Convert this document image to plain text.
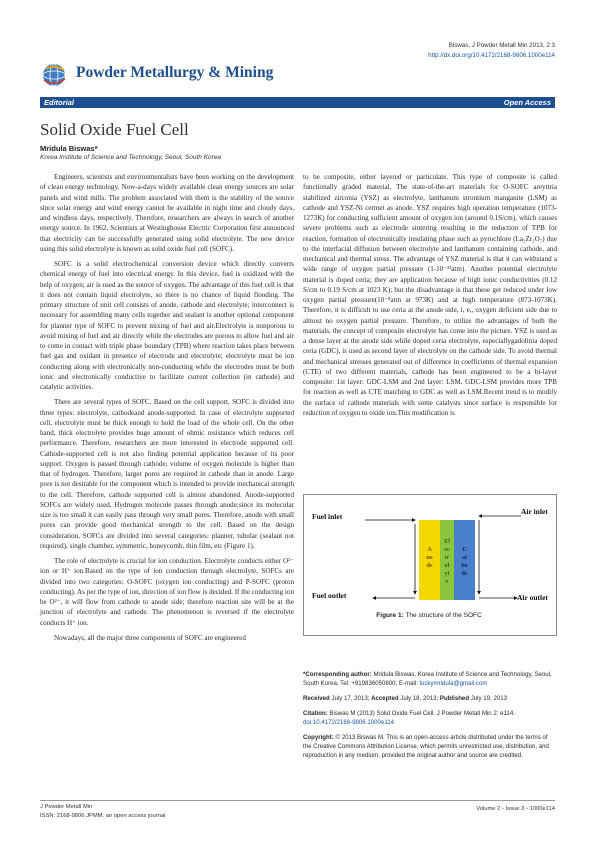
Biswas, J Powder Metall Min 2013, 2:3
http://dx.doi.org/10.4172/2168-9806.1000e114
Powder Metallurgy & Mining
Editorial	Open Access
Solid Oxide Fuel Cell
Mridula Biswas*
Korea Institute of Science and Technology, Seoul, South Korea

Engineers, scientists and environmentalists have been working on the development of clean energy technology. Now-a-days widely available clean energy sources are solar panels and wind mills. The problem associated with them is the stability of the source since solar energy and wind energy cannot be available in night time and cloudy days, and windless days, respectively. Therefore, researchers are always in search of another energy source. In 1962, Scientists at Westinghouse Electric Corporation first announced that electricity can be successfully generated using solid electrolyte. The new device using this solid electrolyte is known as solid oxide fuel cell (SOFC).

SOFC is a solid electrochemical conversion device which directly converts chemical energy of fuel into electrical energy. In this device, fuel is oxidized with the help of oxygen; air is used as the source of oxygen. The advantage of this fuel cell is that it does not contain liquid electrolyte, so there is no chance of liquid flooding. The primary structure of unit cell consists of anode, cathode and electrolyte; interconnect is necessary for assembling many cells together and sealant is another optional component for planner type of SOFC to prevent mixing of fuel and air.Electrolyte is nonporous to avoid mixing of fuel and air directly while the electrodes are porous to allow fuel and air to come in contact with triple phase boundary (TPB) where reaction takes place between fuel gas and oxidant in presence of electrode and electrolyte; electrolyte must be ion conducting along with electronically non-conducting while the electrodes must be both ionic and electronically conductive to facilitate current collection (in cathode) and catalytic activities.

There are several types of SOFC. Based on the cell support, SOFC is divided into three types: electrolyte, cathodeand anode-supported. In case of electrolyte supported cell, electrolyte must be thick enough to hold the load of the whole cell. On the other hand, thick electrolyte provides huge amount of ohmic resistance which reduces cell performance. Therefore, researchers are more interested in electrode supported cell. Cathode-supported cell is not also finding potential application because of its poor support. Oxygen is passed through cathode; volume of oxygen molecule is higher than that of hydrogen. Therefore, larger pores are required in cathode than in anode. Large pore is not desirable for the component which is intended to provide mechanical strength to the cell. Therefore, cathode supported cell is almost abandoned. Anode-supported SOFCs are widely used. Hydrogen molecule passes through anode;since its molecular size is too small it can easily pass through very small pores. Therefore, anode with small pores can provide good mechanical strength to the cell. Based on the design consideration, SOFCs are divided into several categories: planner, tubular (sealant not required), single chamber, symmetric, honeycomb, thin film, etc (Figure 1).

The role of electrolyte is crucial for ion conduction. Electrolyte conducts either O²⁻ ion or H⁺ ion.Based on the type of ion conduction through electrolyte, SOFCs are divided into two categories: O-SOFC (oxygen ion conducting) and P-SOFC (proton conducting). As per the type of ion, direction of ion flow is decided. If the conducting ion be O²⁻, it will flow from cathode to anode side; therefore reaction site will be at the junction of electrolyte and cathode. The phenomenon is reversed if the electrolyte conducts H⁺ ion.

Nowadays, all the major three components of SOFC are engineered

to be composite, either layered or particulate. This type of composite is called functionally graded material. The state-of-the-art materials for O-SOFC areyttria stabilized zirconia (YSZ) as electrolyte, lanthanum strontium manganite (LSM) as cathode and YSZ-Ni cermet as anode. YSZ requires high operation temperature (1073-1273K) for conducting sufficient amount of oxygen ion (around 0.1S/cm), which causes severe problems such as electrode sintering resulting in the reduction of TPB for reaction, formation of electronically insulating phase such as pyrochlore (La₂Zr₂O₇) due to the interfacial diffusion between electrolyte and lanthanum containing cathode, and mechanical and thermal stress. The advantage of YSZ material is that it can withstand a wide range of oxygen partial pressure (1-10⁻²²atm). Another potential electrolyte material is doped ceria; they are application because of high ionic conductivities (0.12 S/cm to 0.19 S/cm at 1023 K); but the disadvantage is that these get reduced under low oxygen partial pressure(10⁻⁸atm at 973K) and at high temperature (873-1073K). Therefore, it is difficult to use ceria at the anode side, i, e,, oxygen deficient side due to almost no oxygen partial pressure. Therefore, to utilize the advantages of both the materials, the concept of composite electrolyte has come into the picture. YSZ is used as a dense layer at the anode side while doped ceria electrolyte, especiallygadolinia doped ceria (GDC), is used as second layer of electrolyte on the cathode side. To avoid thermal and mechanical stresses generated out of difference in coefficients of thermal expansion (CTE) of two different materials, cathode has been engineered to be a bi-layer composite: 1st layer: GDC-LSM and 2nd layer: LSM. GDC-LSM provides more TPB for reaction as well as CTE matching to GDC as well as LSM.Recent trend is to modify the surface of cathode materials with some catalysts since surface is responsible for reduction of oxygen to oxide ion.This modification is

Fuel inlet
Air inlet
Fuel outlet	Air outlet
A
no
de
El
ec
tr
ol
yt
e
C
at
ho
de
Figure 1: The structure of the SOFC

*Corresponding author: Mridula Biswas, Korea Institute of Science and Technology, Seoul, South Korea, Tel: +919836050800; E-mail: luckymridula@gmail.com

Received July 17, 2013; Accepted July 18, 2013; Published July 19, 2013

Citation: Biswas M (2013) Solid Oxide Fuel Cell. J Powder Metall Min 2: e114. doi:10.4172/2168-9806.1000e114

Copyright: © 2013 Biswas M. This is an open-access article distributed under the terms of the Creative Commons Attribution License, which permits unrestricted use, distribution, and reproduction in any medium, provided the original author and source are credited.

J Powder Metall Min
ISSN: 2168-9806 JPMM, an open access journal
Volume 2 • Issue 3 • 1000e114
